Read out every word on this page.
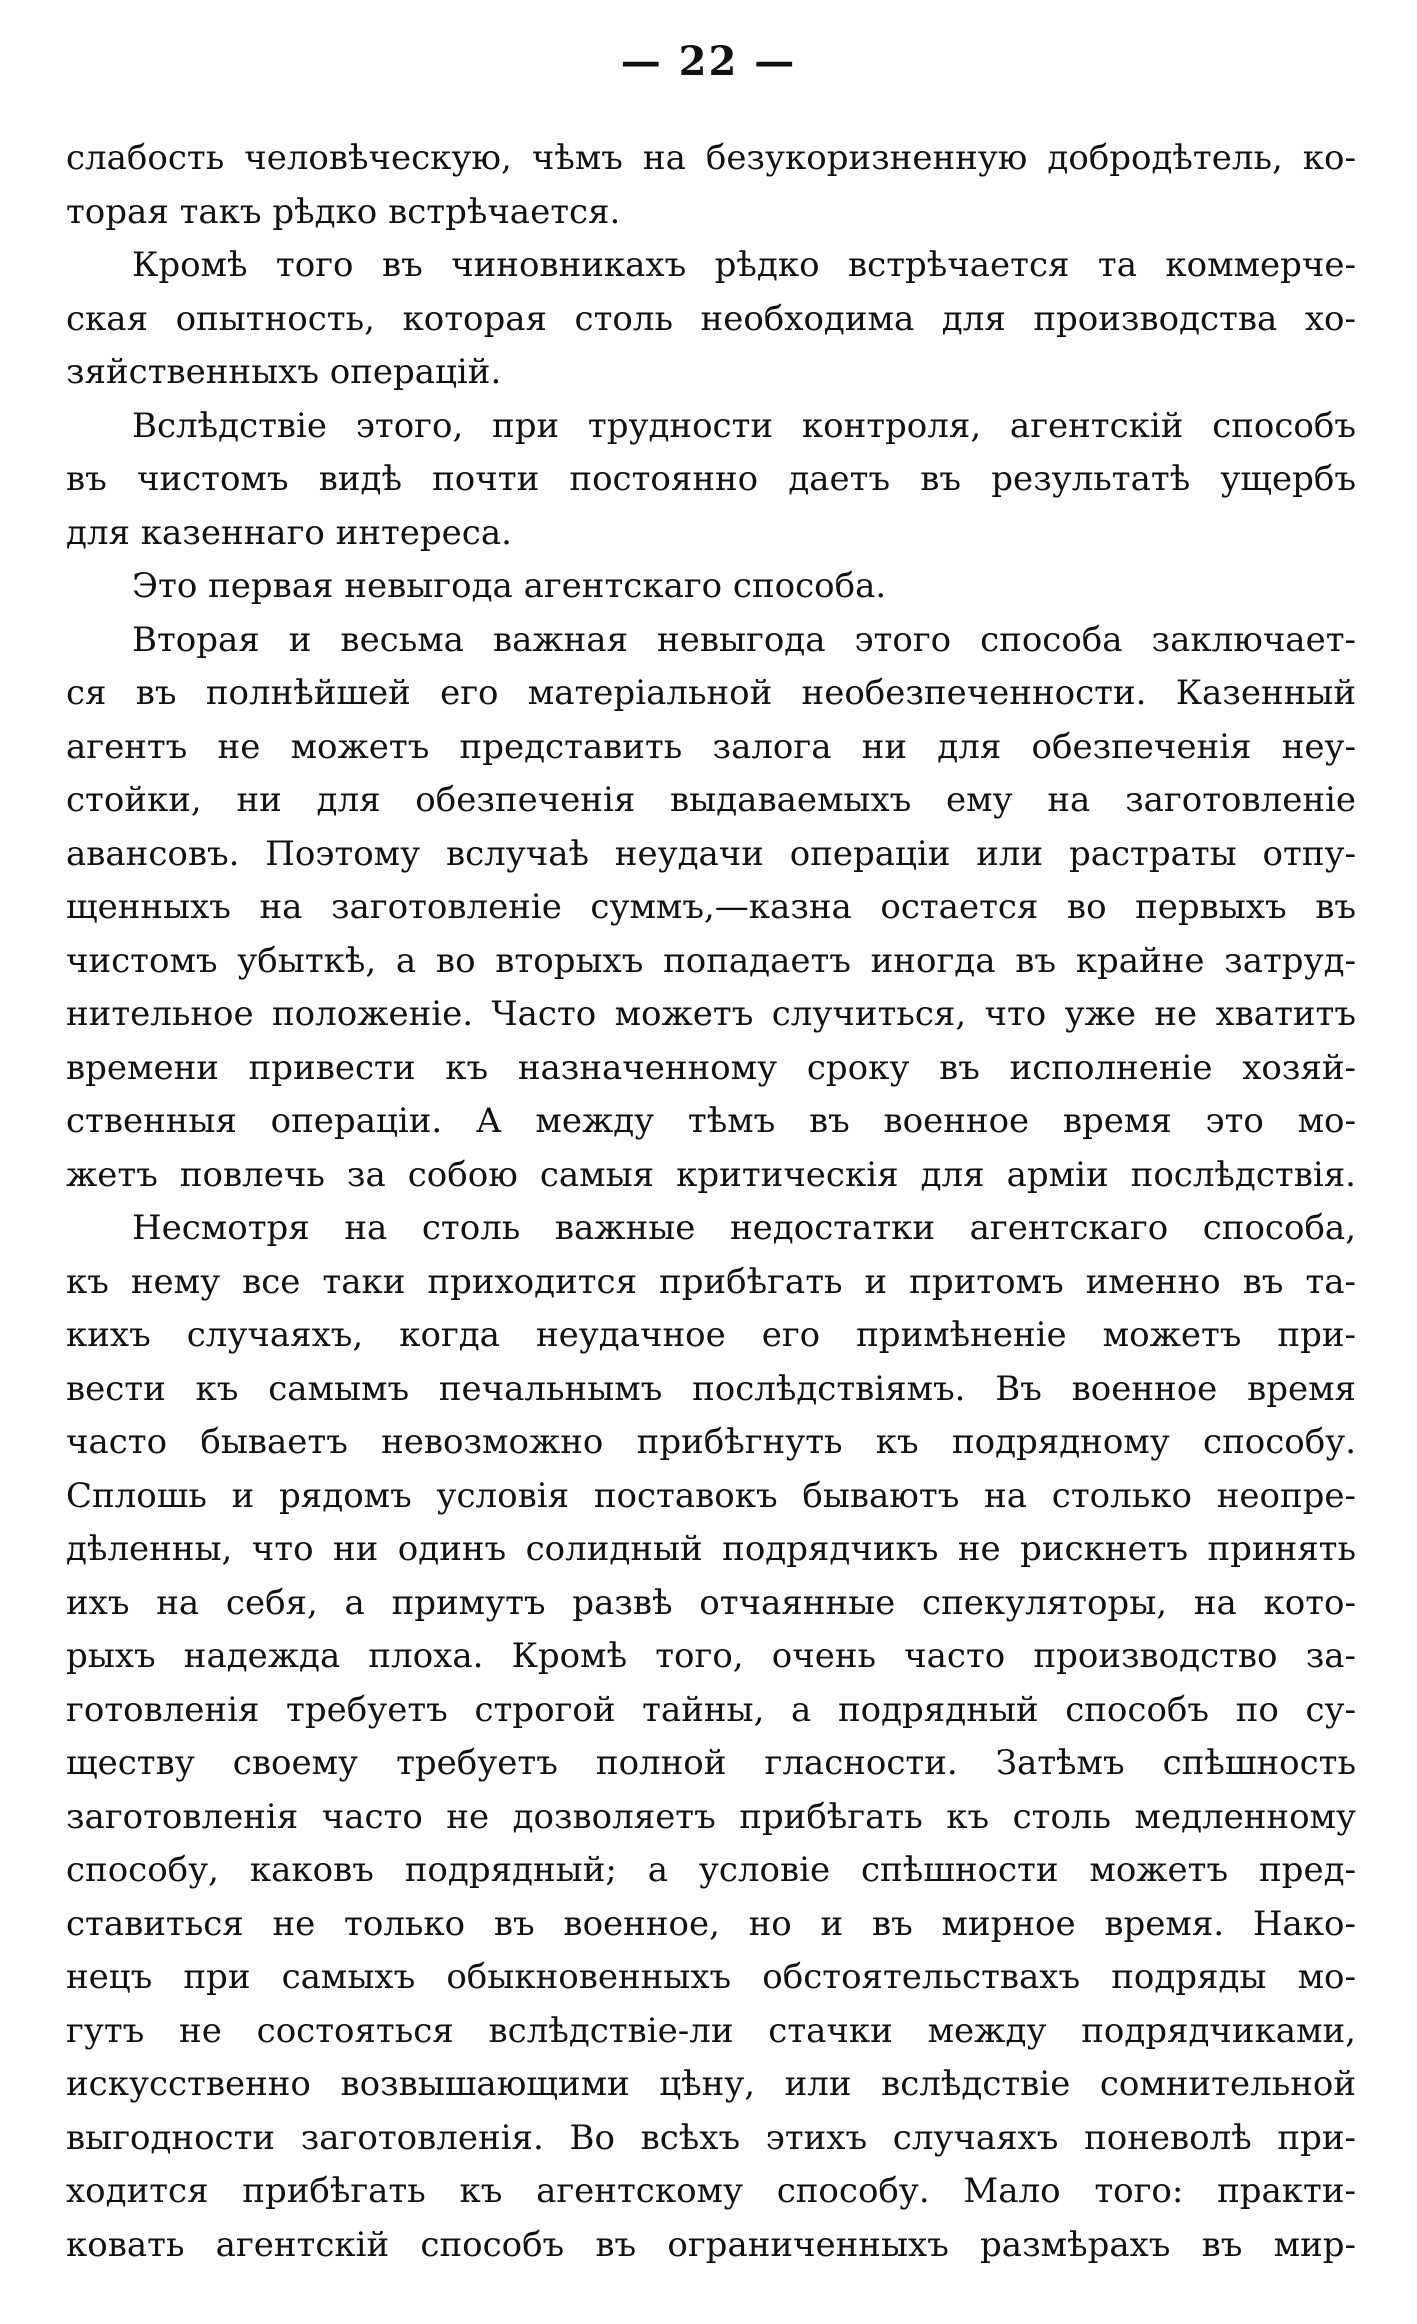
— 22 —
слабость человѣческую, чѣмъ на безукоризненную добродѣтель, ко-
торая такъ рѣдко встрѣчается.
Кромѣ того въ чиновникахъ рѣдко встрѣчается та коммерче-
ская опытность, которая столь необходима для производства хо-
зяйственныхъ операцій.
Вслѣдствіе этого, при трудности контроля, агентскій способъ
въ чистомъ видѣ почти постоянно даетъ въ результатѣ ущербъ
для казеннаго интереса.
Это первая невыгода агентскаго способа.
Вторая и весьма важная невыгода этого способа заключает-
ся въ полнѣйшей его матеріальной необезпеченности. Казенный
агентъ не можетъ представить залога ни для обезпеченія неу-
стойки, ни для обезпеченія выдаваемыхъ ему на заготовленіе
авансовъ. Поэтому вслучаѣ неудачи операціи или растраты отпу-
щенныхъ на заготовленіе суммъ,—казна остается во первыхъ въ
чистомъ убыткѣ, а во вторыхъ попадаетъ иногда въ крайне затруд-
нительное положеніе. Часто можетъ случиться, что уже не хватитъ
времени привести къ назначенному сроку въ исполненіе хозяй-
ственныя операціи. А между тѣмъ въ военное время это мо-
жетъ повлечь за собою самыя критическія для арміи послѣдствія.
Несмотря на столь важные недостатки агентскаго способа,
къ нему все таки приходится прибѣгать и притомъ именно въ та-
кихъ случаяхъ, когда неудачное его примѣненіе можетъ при-
вести къ самымъ печальнымъ послѣдствіямъ. Въ военное время
часто бываетъ невозможно прибѣгнуть къ подрядному способу.
Сплошь и рядомъ условія поставокъ бываютъ на столько неопре-
дѣленны, что ни одинъ солидный подрядчикъ не рискнетъ принять
ихъ на себя, а примутъ развѣ отчаянные спекуляторы, на кото-
рыхъ надежда плоха. Кромѣ того, очень часто производство за-
готовленія требуетъ строгой тайны, а подрядный способъ по су-
ществу своему требуетъ полной гласности. Затѣмъ спѣшность
заготовленія часто не дозволяетъ прибѣгать къ столь медленному
способу, каковъ подрядный; а условіе спѣшности можетъ пред-
ставиться не только въ военное, но и въ мирное время. Нако-
нецъ при самыхъ обыкновенныхъ обстоятельствахъ подряды мо-
гутъ не состояться вслѣдствіе-ли стачки между подрядчиками,
искусственно возвышающими цѣну, или вслѣдствіе сомнительной
выгодности заготовленія. Во всѣхъ этихъ случаяхъ поневолѣ при-
ходится прибѣгать къ агентскому способу. Мало того: практи-
ковать агентскій способъ въ ограниченныхъ размѣрахъ въ мир-
